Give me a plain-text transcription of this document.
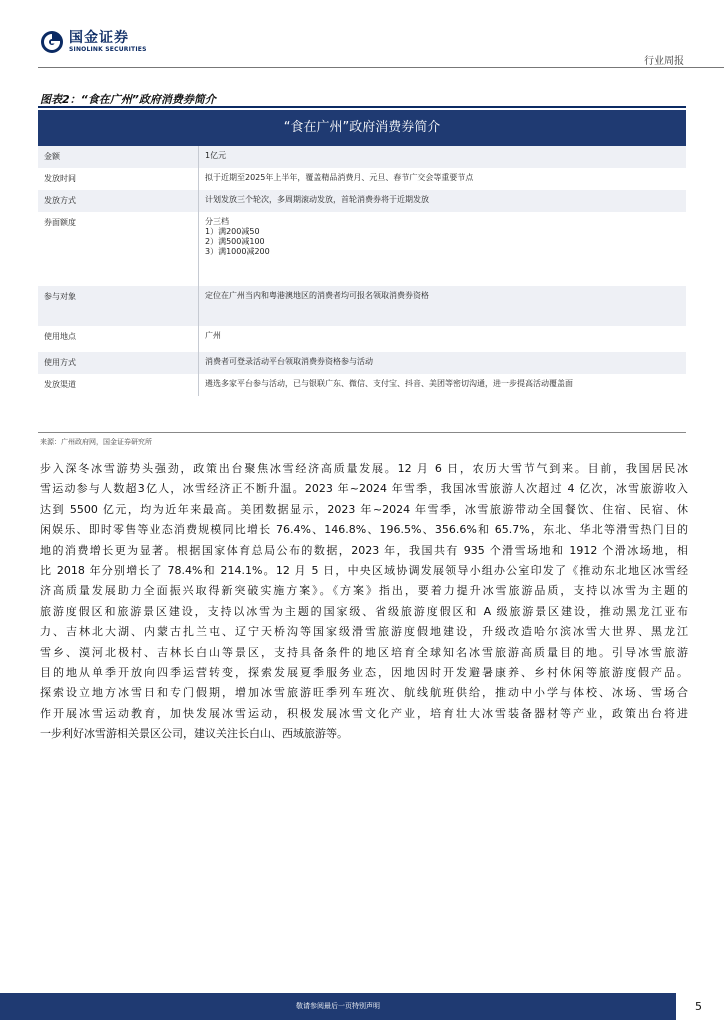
国金证券
SINOLINK SECURITIES
行业周报
图表2：“食在广州”政府消费券简介
“食在广州”政府消费券简介
金额	1亿元
发放时间	拟于近期至2025年上半年，覆盖精品消费月、元旦、春节广交会等重要节点
发放方式	计划发放三个轮次，多周期滚动发放，首轮消费券将于近期发放
券面额度	分三档
1）满200减50
2）满500减100
3）满1000减200
参与对象	定位在广州当内和粤港澳地区的消费者均可报名领取消费券资格
使用地点	广州
使用方式	消费者可登录活动平台领取消费券资格参与活动
发放渠道	遴选多家平台参与活动，已与银联广东、微信、支付宝、抖音、美团等密切沟通，进一步提高活动覆盖面
来源：广州政府网，国金证券研究所
步入深冬冰雪游势头强劲，政策出台聚焦冰雪经济高质量发展。12 月 6 日，农历大雪节气到来。目前，我国居民冰
雪运动参与人数超3亿人，冰雪经济正不断升温。2023 年~2024 年雪季，我国冰雪旅游人次超过 4 亿次，冰雪旅游收入
达到 5500 亿元，均为近年来最高。美团数据显示，2023 年~2024 年雪季，冰雪旅游带动全国餐饮、住宿、民宿、休
闲娱乐、即时零售等业态消费规模同比增长 76.4%、146.8%、196.5%、356.6%和 65.7%，东北、华北等滑雪热门目的
地的消费增长更为显著。根据国家体育总局公布的数据，2023 年，我国共有 935 个滑雪场地和 1912 个滑冰场地，相
比 2018 年分别增长了 78.4%和 214.1%。12 月 5 日，中央区域协调发展领导小组办公室印发了《推动东北地区冰雪经
济高质量发展助力全面振兴取得新突破实施方案》。《方案》指出，要着力提升冰雪旅游品质，支持以冰雪为主题的
旅游度假区和旅游景区建设，支持以冰雪为主题的国家级、省级旅游度假区和 A 级旅游景区建设，推动黑龙江亚布
力、吉林北大湖、内蒙古扎兰屯、辽宁天桥沟等国家级滑雪旅游度假地建设，升级改造哈尔滨冰雪大世界、黑龙江
雪乡、漠河北极村、吉林长白山等景区，支持具备条件的地区培育全球知名冰雪旅游高质量目的地。引导冰雪旅游
目的地从单季开放向四季运营转变，探索发展夏季服务业态，因地因时开发避暑康养、乡村休闲等旅游度假产品。
探索设立地方冰雪日和专门假期，增加冰雪旅游旺季列车班次、航线航班供给，推动中小学与体校、冰场、雪场合
作开展冰雪运动教育，加快发展冰雪运动，积极发展冰雪文化产业，培育壮大冰雪装备器材等产业，政策出台将进
一步利好冰雪游相关景区公司，建议关注长白山、西域旅游等。
敬请参阅最后一页特别声明	5
